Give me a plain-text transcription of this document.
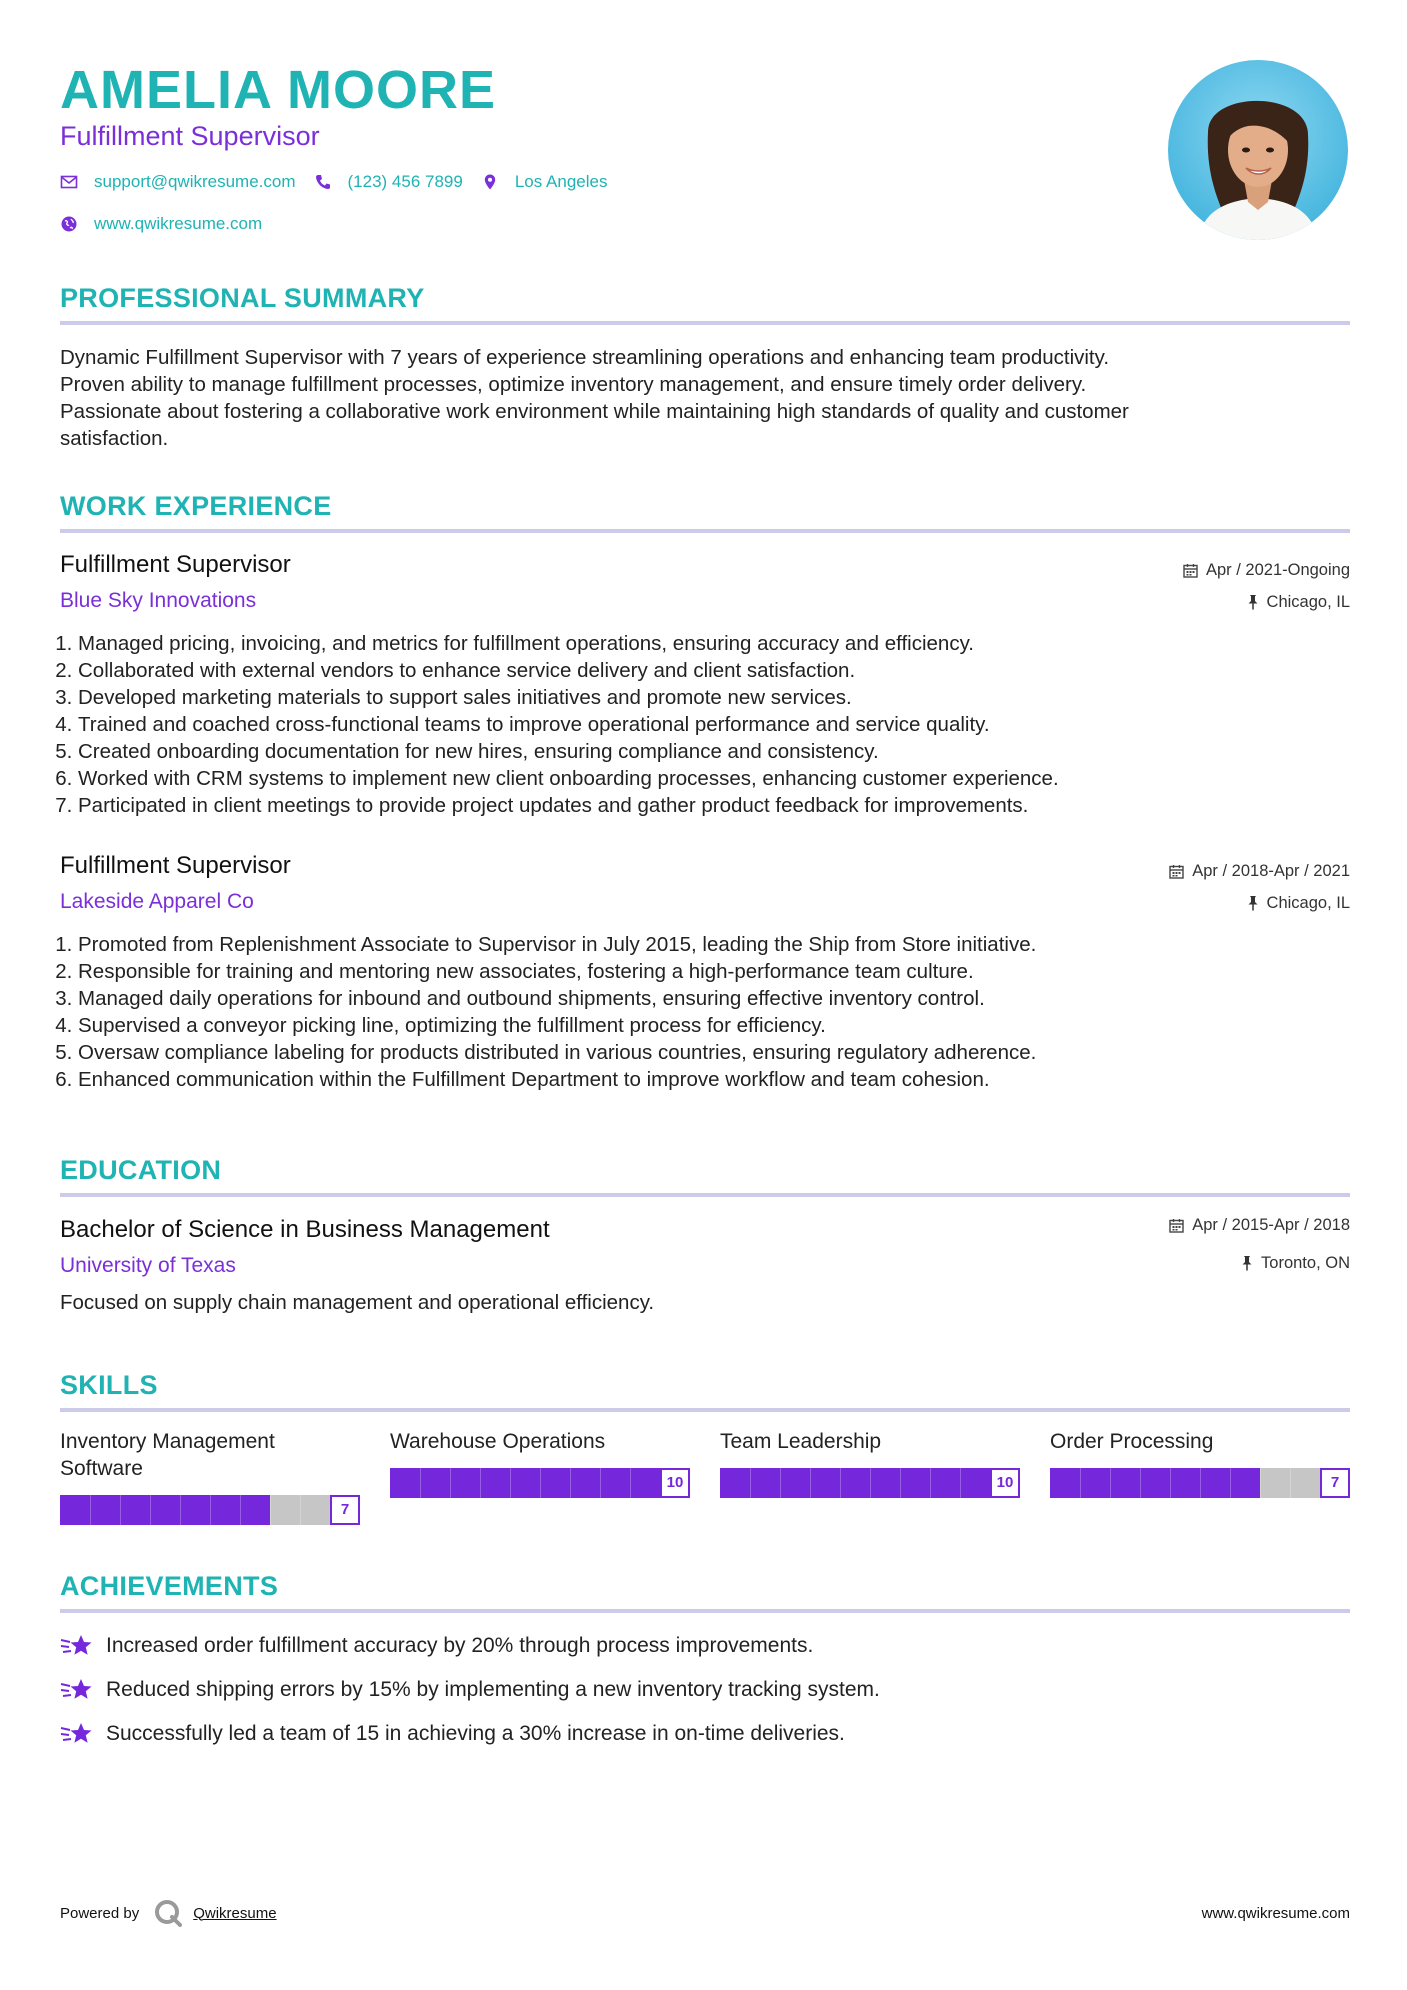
AMELIA MOORE
Fulfillment Supervisor
support@qwikresume.com	(123) 456 7899	Los Angeles
www.qwikresume.com
PROFESSIONAL SUMMARY
Dynamic Fulfillment Supervisor with 7 years of experience streamlining operations and enhancing team productivity.
Proven ability to manage fulfillment processes, optimize inventory management, and ensure timely order delivery.
Passionate about fostering a collaborative work environment while maintaining high standards of quality and customer
satisfaction.
WORK EXPERIENCE
Fulfillment Supervisor	Apr / 2021-Ongoing
Blue Sky Innovations	Chicago, IL
1. Managed pricing, invoicing, and metrics for fulfillment operations, ensuring accuracy and efficiency.
2. Collaborated with external vendors to enhance service delivery and client satisfaction.
3. Developed marketing materials to support sales initiatives and promote new services.
4. Trained and coached cross-functional teams to improve operational performance and service quality.
5. Created onboarding documentation for new hires, ensuring compliance and consistency.
6. Worked with CRM systems to implement new client onboarding processes, enhancing customer experience.
7. Participated in client meetings to provide project updates and gather product feedback for improvements.
Fulfillment Supervisor	Apr / 2018-Apr / 2021
Lakeside Apparel Co	Chicago, IL
1. Promoted from Replenishment Associate to Supervisor in July 2015, leading the Ship from Store initiative.
2. Responsible for training and mentoring new associates, fostering a high-performance team culture.
3. Managed daily operations for inbound and outbound shipments, ensuring effective inventory control.
4. Supervised a conveyor picking line, optimizing the fulfillment process for efficiency.
5. Oversaw compliance labeling for products distributed in various countries, ensuring regulatory adherence.
6. Enhanced communication within the Fulfillment Department to improve workflow and team cohesion.
EDUCATION
Bachelor of Science in Business Management	Apr / 2015-Apr / 2018
University of Texas	Toronto, ON
Focused on supply chain management and operational efficiency.
SKILLS
Inventory Management
Software
7
Warehouse Operations
10
Team Leadership
10
Order Processing
7
ACHIEVEMENTS
Increased order fulfillment accuracy by 20% through process improvements.
Reduced shipping errors by 15% by implementing a new inventory tracking system.
Successfully led a team of 15 in achieving a 30% increase in on-time deliveries.
Powered by	Qwikresume	www.qwikresume.com
